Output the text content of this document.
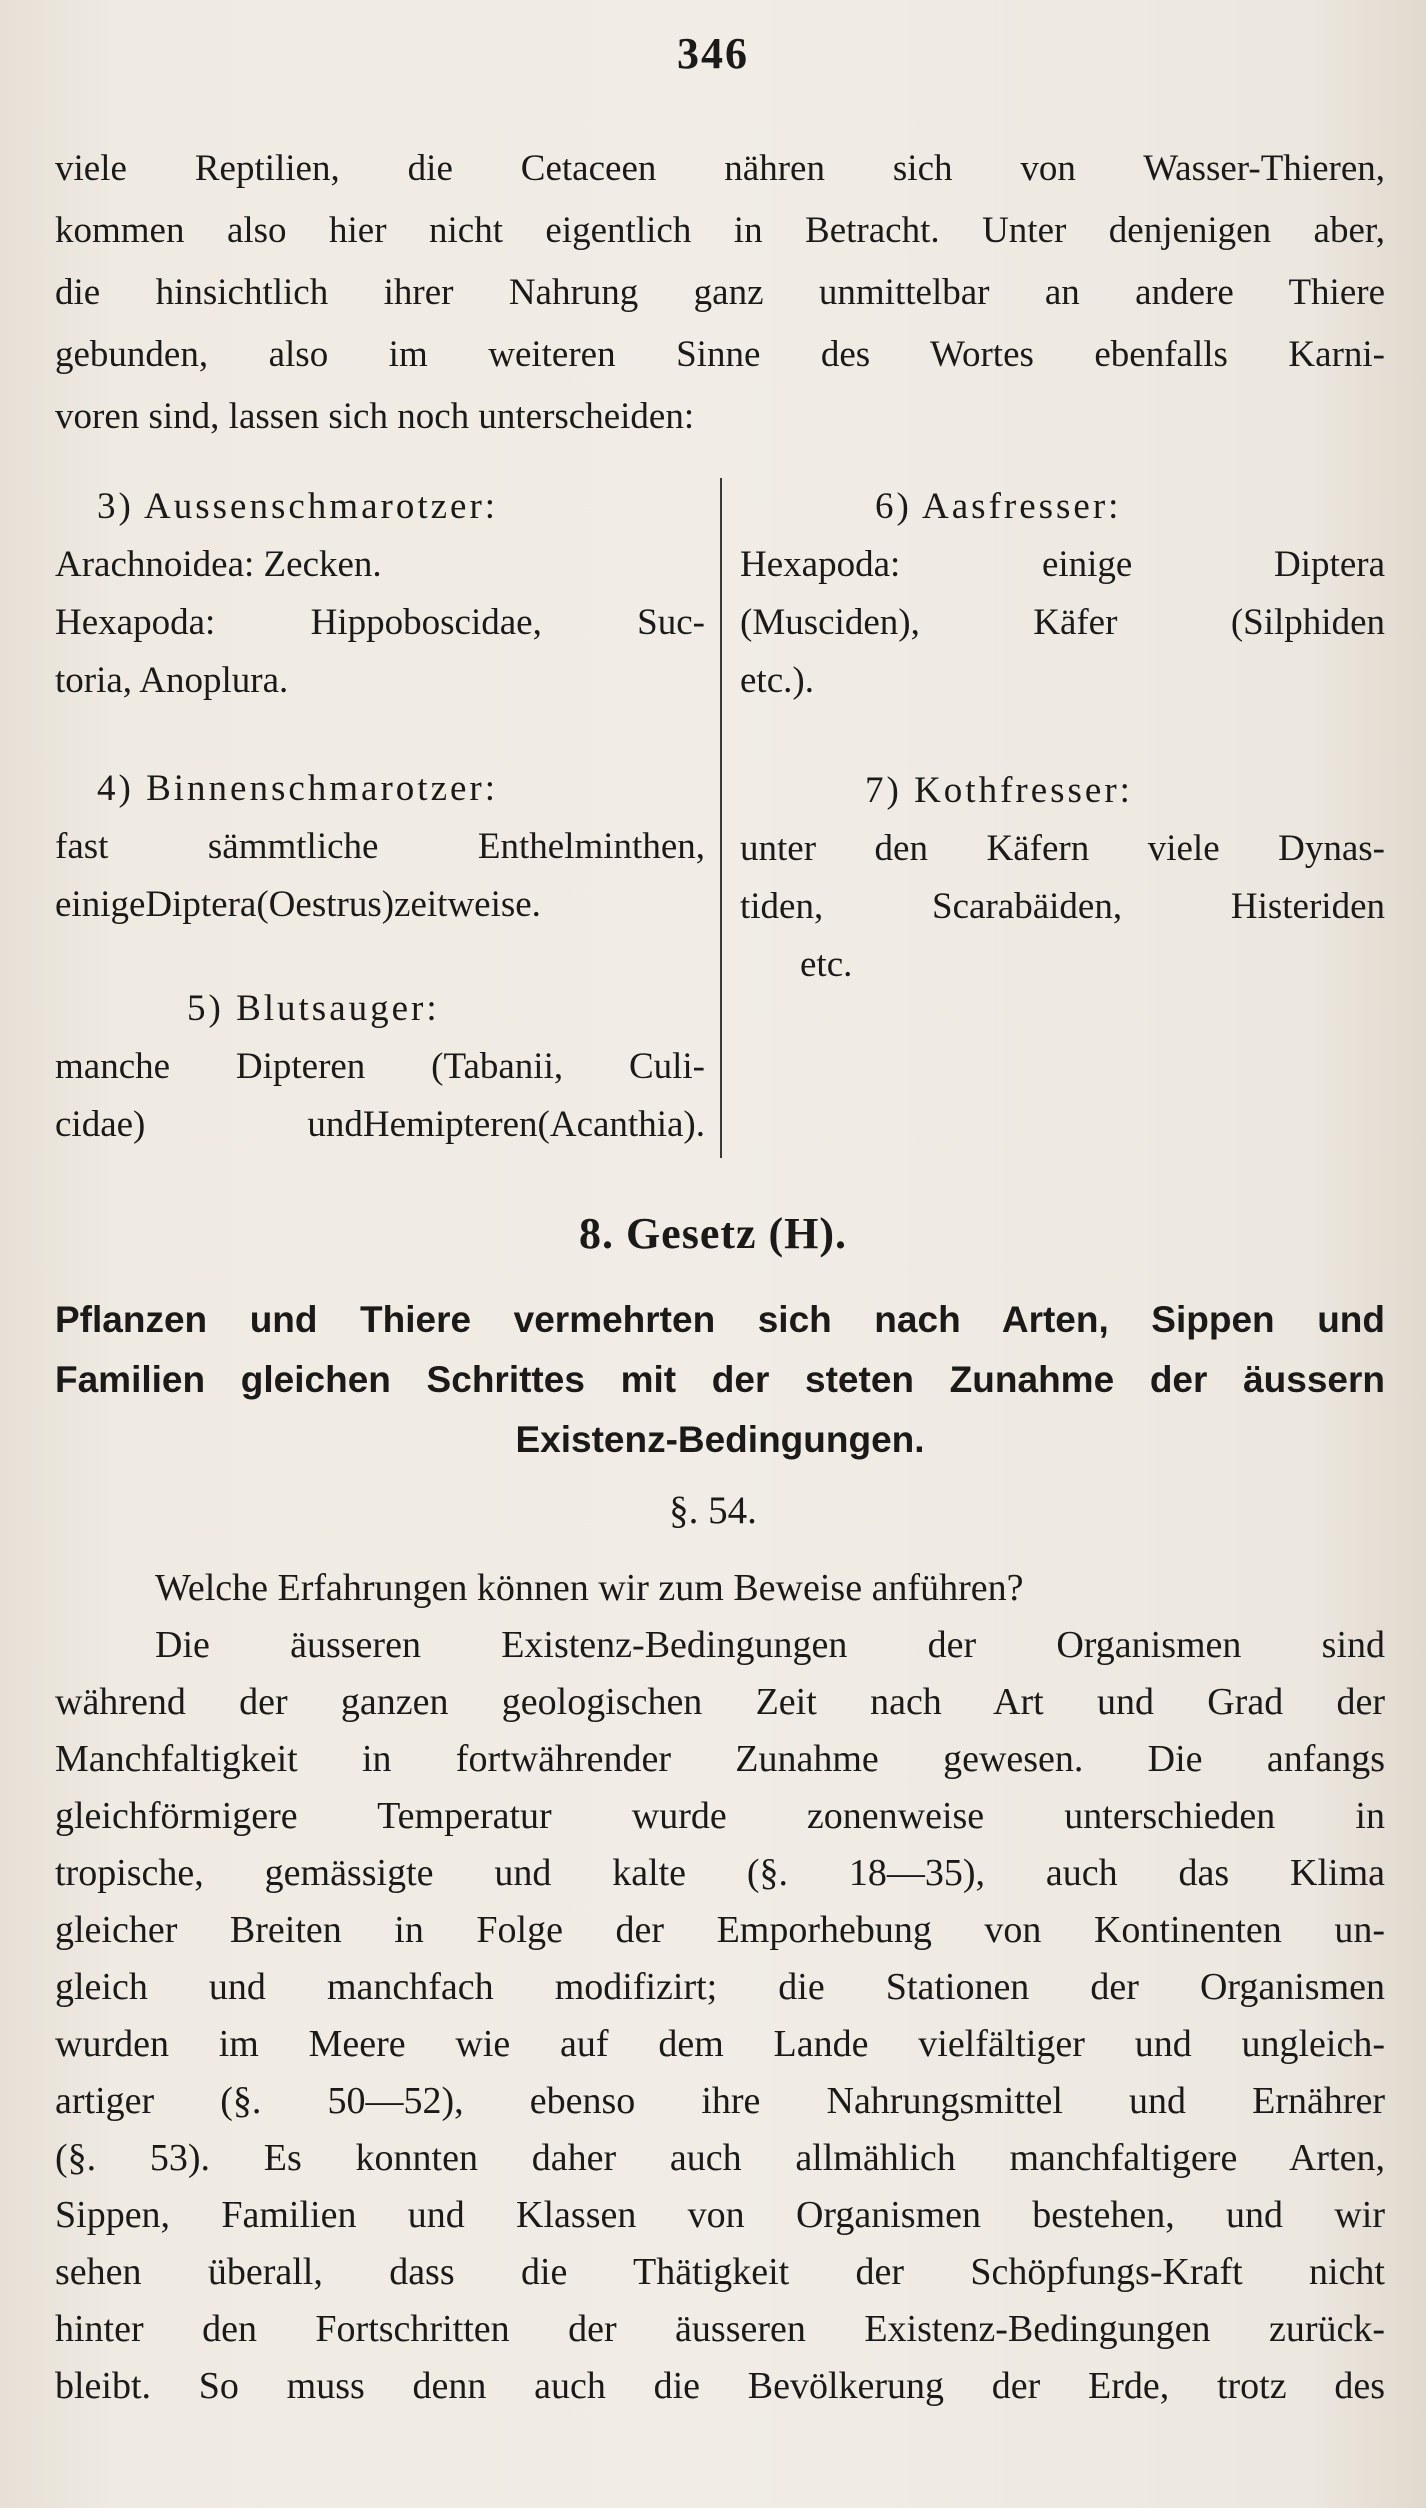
346
viele Reptilien, die Cetaceen nähren sich von Wasser-Thieren,
kommen also hier nicht eigentlich in Betracht. Unter denjenigen aber,
die hinsichtlich ihrer Nahrung ganz unmittelbar an andere Thiere
gebunden, also im weiteren Sinne des Wortes ebenfalls Karni-
voren sind, lassen sich noch unterscheiden:
3) Aussenschmarotzer:
Arachnoidea: Zecken.
Hexapoda: Hippoboscidae, Suc-
toria, Anoplura.
4) Binnenschmarotzer:
fast sämmtliche Enthelminthen,
einigeDiptera(Oestrus)zeitweise.
5) Blutsauger:
manche Dipteren (Tabanii, Culi-
cidae) undHemipteren(Acanthia).
6) Aasfresser:
Hexapoda: einige Diptera
(Musciden), Käfer (Silphiden
etc.).
7) Kothfresser:
unter den Käfern viele Dynas-
tiden, Scarabäiden, Histeriden
etc.
8. Gesetz (H).
Pflanzen und Thiere vermehrten sich nach Arten, Sippen und
Familien gleichen Schrittes mit der steten Zunahme der äussern
Existenz-Bedingungen.
§. 54.
Welche Erfahrungen können wir zum Beweise anführen?
Die äusseren Existenz-Bedingungen der Organismen sind
während der ganzen geologischen Zeit nach Art und Grad der
Manchfaltigkeit in fortwährender Zunahme gewesen. Die anfangs
gleichförmigere Temperatur wurde zonenweise unterschieden in
tropische, gemässigte und kalte (§. 18—35), auch das Klima
gleicher Breiten in Folge der Emporhebung von Kontinenten un-
gleich und manchfach modifizirt; die Stationen der Organismen
wurden im Meere wie auf dem Lande vielfältiger und ungleich-
artiger (§. 50—52), ebenso ihre Nahrungsmittel und Ernährer
(§. 53). Es konnten daher auch allmählich manchfaltigere Arten,
Sippen, Familien und Klassen von Organismen bestehen, und wir
sehen überall, dass die Thätigkeit der Schöpfungs-Kraft nicht
hinter den Fortschritten der äusseren Existenz-Bedingungen zurück-
bleibt. So muss denn auch die Bevölkerung der Erde, trotz des
